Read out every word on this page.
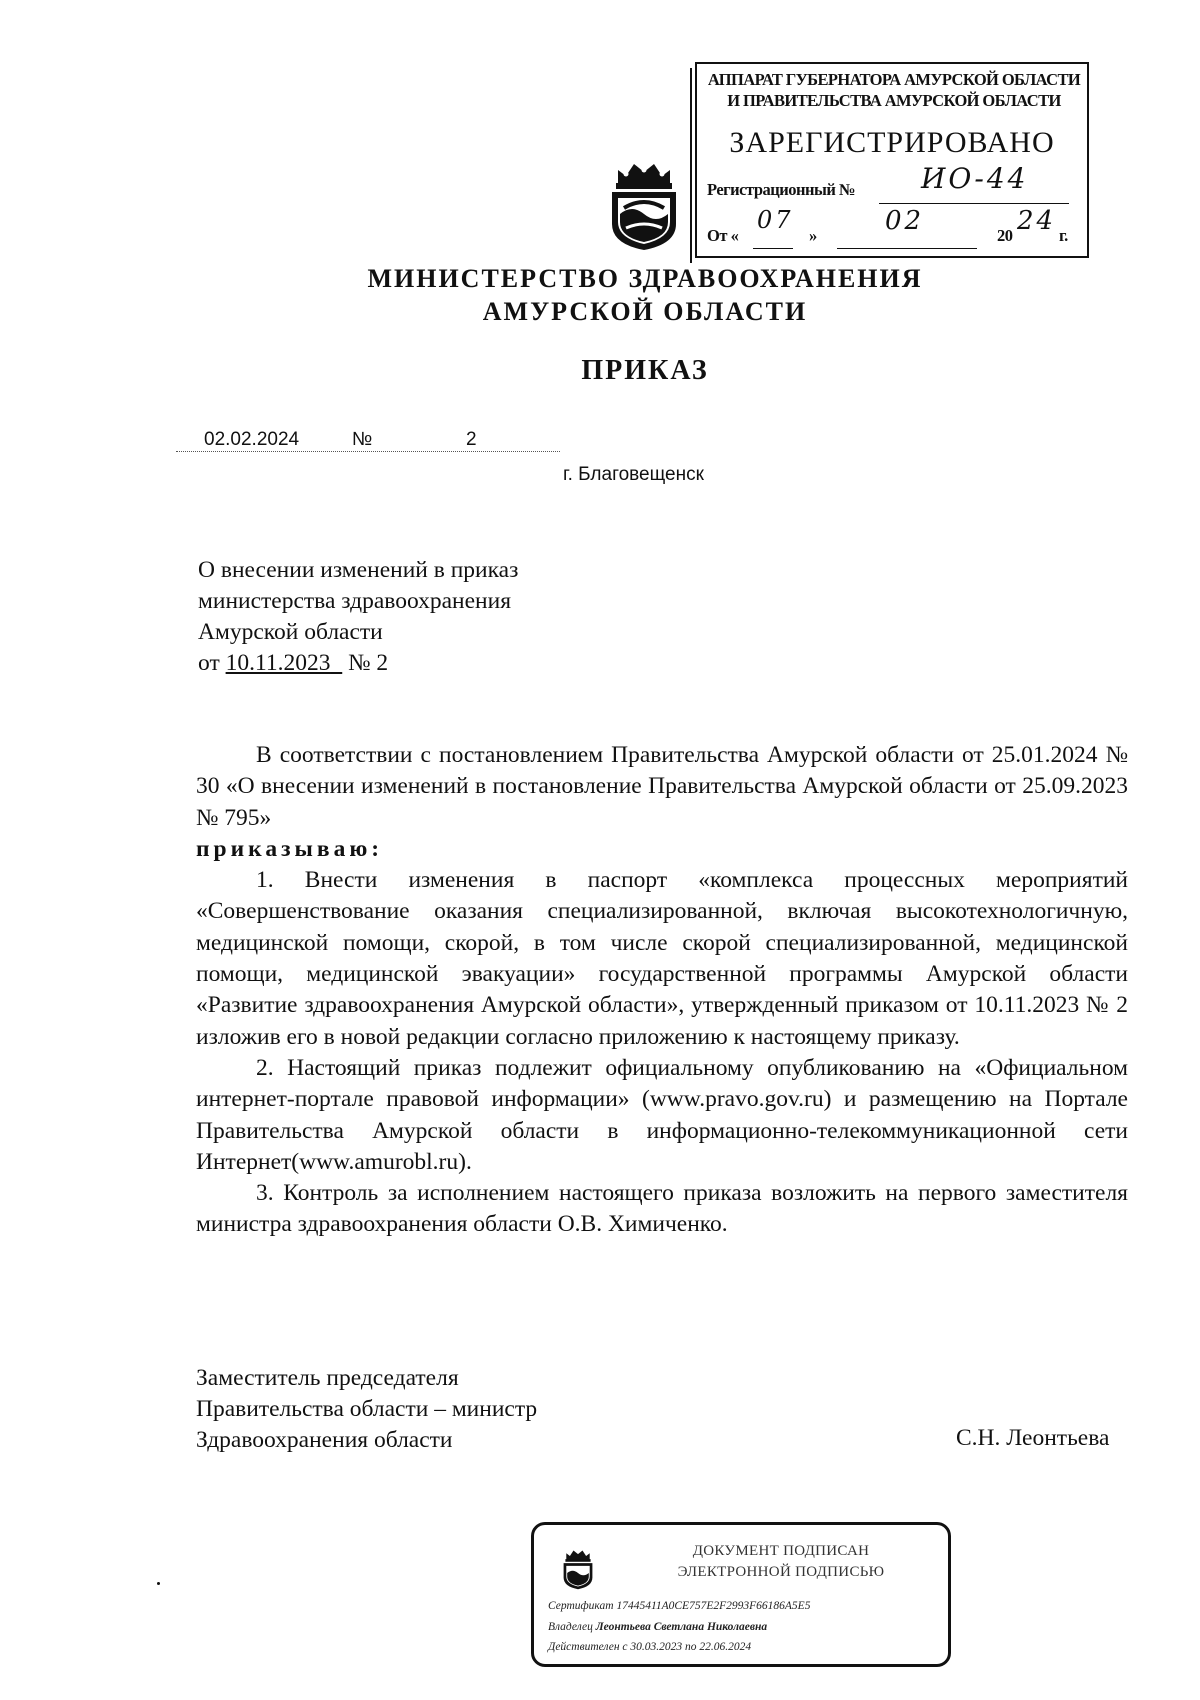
АППАРАТ ГУБЕРНАТОРА АМУРСКОЙ ОБЛАСТИ
И ПРАВИТЕЛЬСТВА АМУРСКОЙ ОБЛАСТИ
ЗАРЕГИСТРИРОВАНО
Регистрационный № ИО-44
От «
07
»	02	20 24 г.
МИНИСТЕРСТВО ЗДРАВООХРАНЕНИЯ
АМУРСКОЙ ОБЛАСТИ
ПРИКАЗ
02.02.2024	№	2
г. Благовещенск
О внесении изменений в приказ
министерства здравоохранения
Амурской области
от 10.11.2023 № 2

В соответствии с постановлением Правительства Амурской области от 25.01.2024 № 30 «О внесении изменений в постановление Правительства Амурской области от 25.09.2023 № 795»

приказываю:

1. Внести изменения в паспорт «комплекса процессных мероприятий «Совершенствование оказания специализированной, включая высокотехнологичную, медицинской помощи, скорой, в том числе скорой специализированной, медицинской помощи, медицинской эвакуации» государственной программы Амурской области «Развитие здравоохранения Амурской области», утвержденный приказом от 10.11.2023 № 2 изложив его в новой редакции согласно приложению к настоящему приказу.

2. Настоящий приказ подлежит официальному опубликованию на «Официальном интернет-портале правовой информации» (www.pravo.gov.ru) и размещению на Портале Правительства Амурской области в информационно-телекоммуникационной сети Интернет(www.amurobl.ru).

3. Контроль за исполнением настоящего приказа возложить на первого заместителя министра здравоохранения области О.В. Химиченко.

Заместитель председателя
Правительства области – министр
Здравоохранения области	С.Н. Леонтьева
ДОКУМЕНТ ПОДПИСАН
ЭЛЕКТРОННОЙ ПОДПИСЬЮ
Сертификат 17445411A0CE757E2F2993F66186A5E5
Владелец Леонтьева Светлана Николаевна
Действителен с 30.03.2023 по 22.06.2024
